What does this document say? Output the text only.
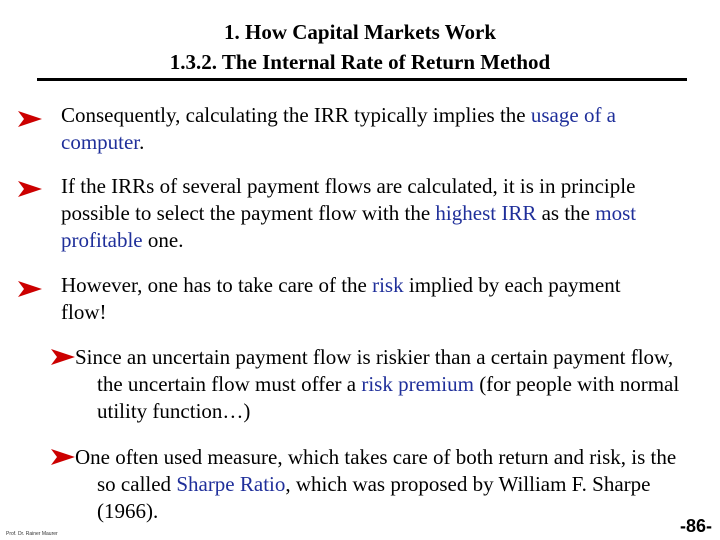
1. How Capital Markets Work
1.3.2. The Internal Rate of Return Method
Consequently, calculating the IRR typically implies the usage of a computer.
If the IRRs of several payment flows are calculated, it is in principle possible to select the payment flow with the highest IRR as the most profitable one.
However, one has to take care of the risk implied by each payment flow!
Since an uncertain payment flow is riskier than a certain payment flow, the uncertain flow must offer a risk premium (for people with normal utility function…)
One often used measure, which takes care of both return and risk, is the so called Sharpe Ratio, which was proposed by William F. Sharpe (1966).
Prof. Dr. Rainer Maurer	-86-
